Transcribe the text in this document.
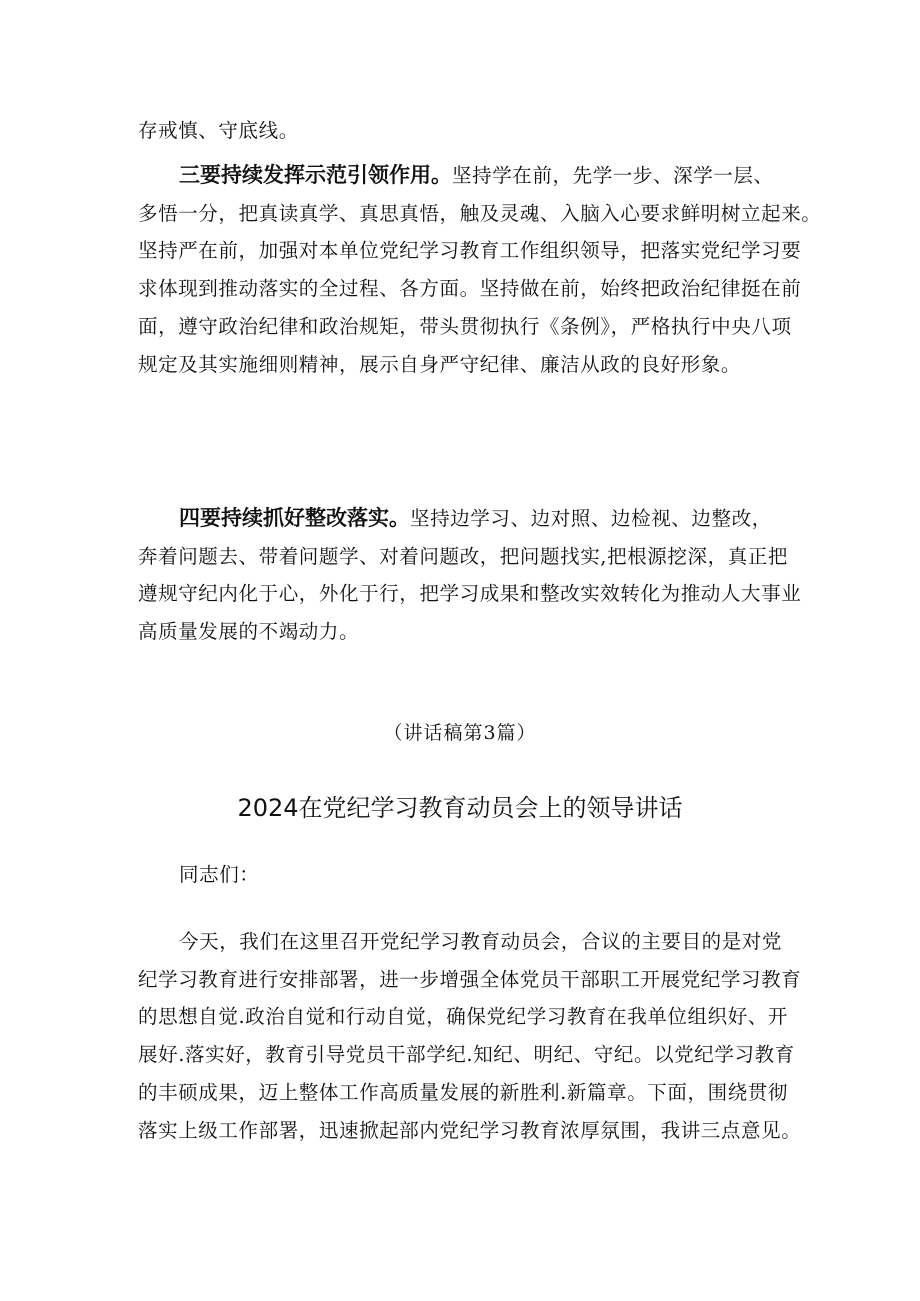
存戒慎、守底线。

三要持续发挥示范引领作用。坚持学在前，先学一步、深学一层、
多悟一分，把真读真学、真思真悟，触及灵魂、入脑入心要求鲜明树立起来。
坚持严在前，加强对本单位党纪学习教育工作组织领导，把落实党纪学习要
求体现到推动落实的全过程、各方面。坚持做在前，始终把政治纪律挺在前
面，遵守政治纪律和政治规矩，带头贯彻执行《条例》，严格执行中央八项
规定及其实施细则精神，展示自身严守纪律、廉洁从政的良好形象。

四要持续抓好整改落实。坚持边学习、边对照、边检视、边整改，
奔着问题去、带着问题学、对着问题改，把问题找实,把根源挖深，真正把
遵规守纪内化于心，外化于行，把学习成果和整改实效转化为推动人大事业
高质量发展的不竭动力。

（讲话稿第3篇）

2024在党纪学习教育动员会上的领导讲话

同志们：

今天，我们在这里召开党纪学习教育动员会，合议的主要目的是对党
纪学习教育进行安排部署，进一步增强全体党员干部职工开展党纪学习教育
的思想自觉.政治自觉和行动自觉，确保党纪学习教育在我单位组织好、开
展好.落实好，教育引导党员干部学纪.知纪、明纪、守纪。以党纪学习教育
的丰硕成果，迈上整体工作高质量发展的新胜利.新篇章。下面，围绕贯彻
落实上级工作部署，迅速掀起部内党纪学习教育浓厚氛围，我讲三点意见。
